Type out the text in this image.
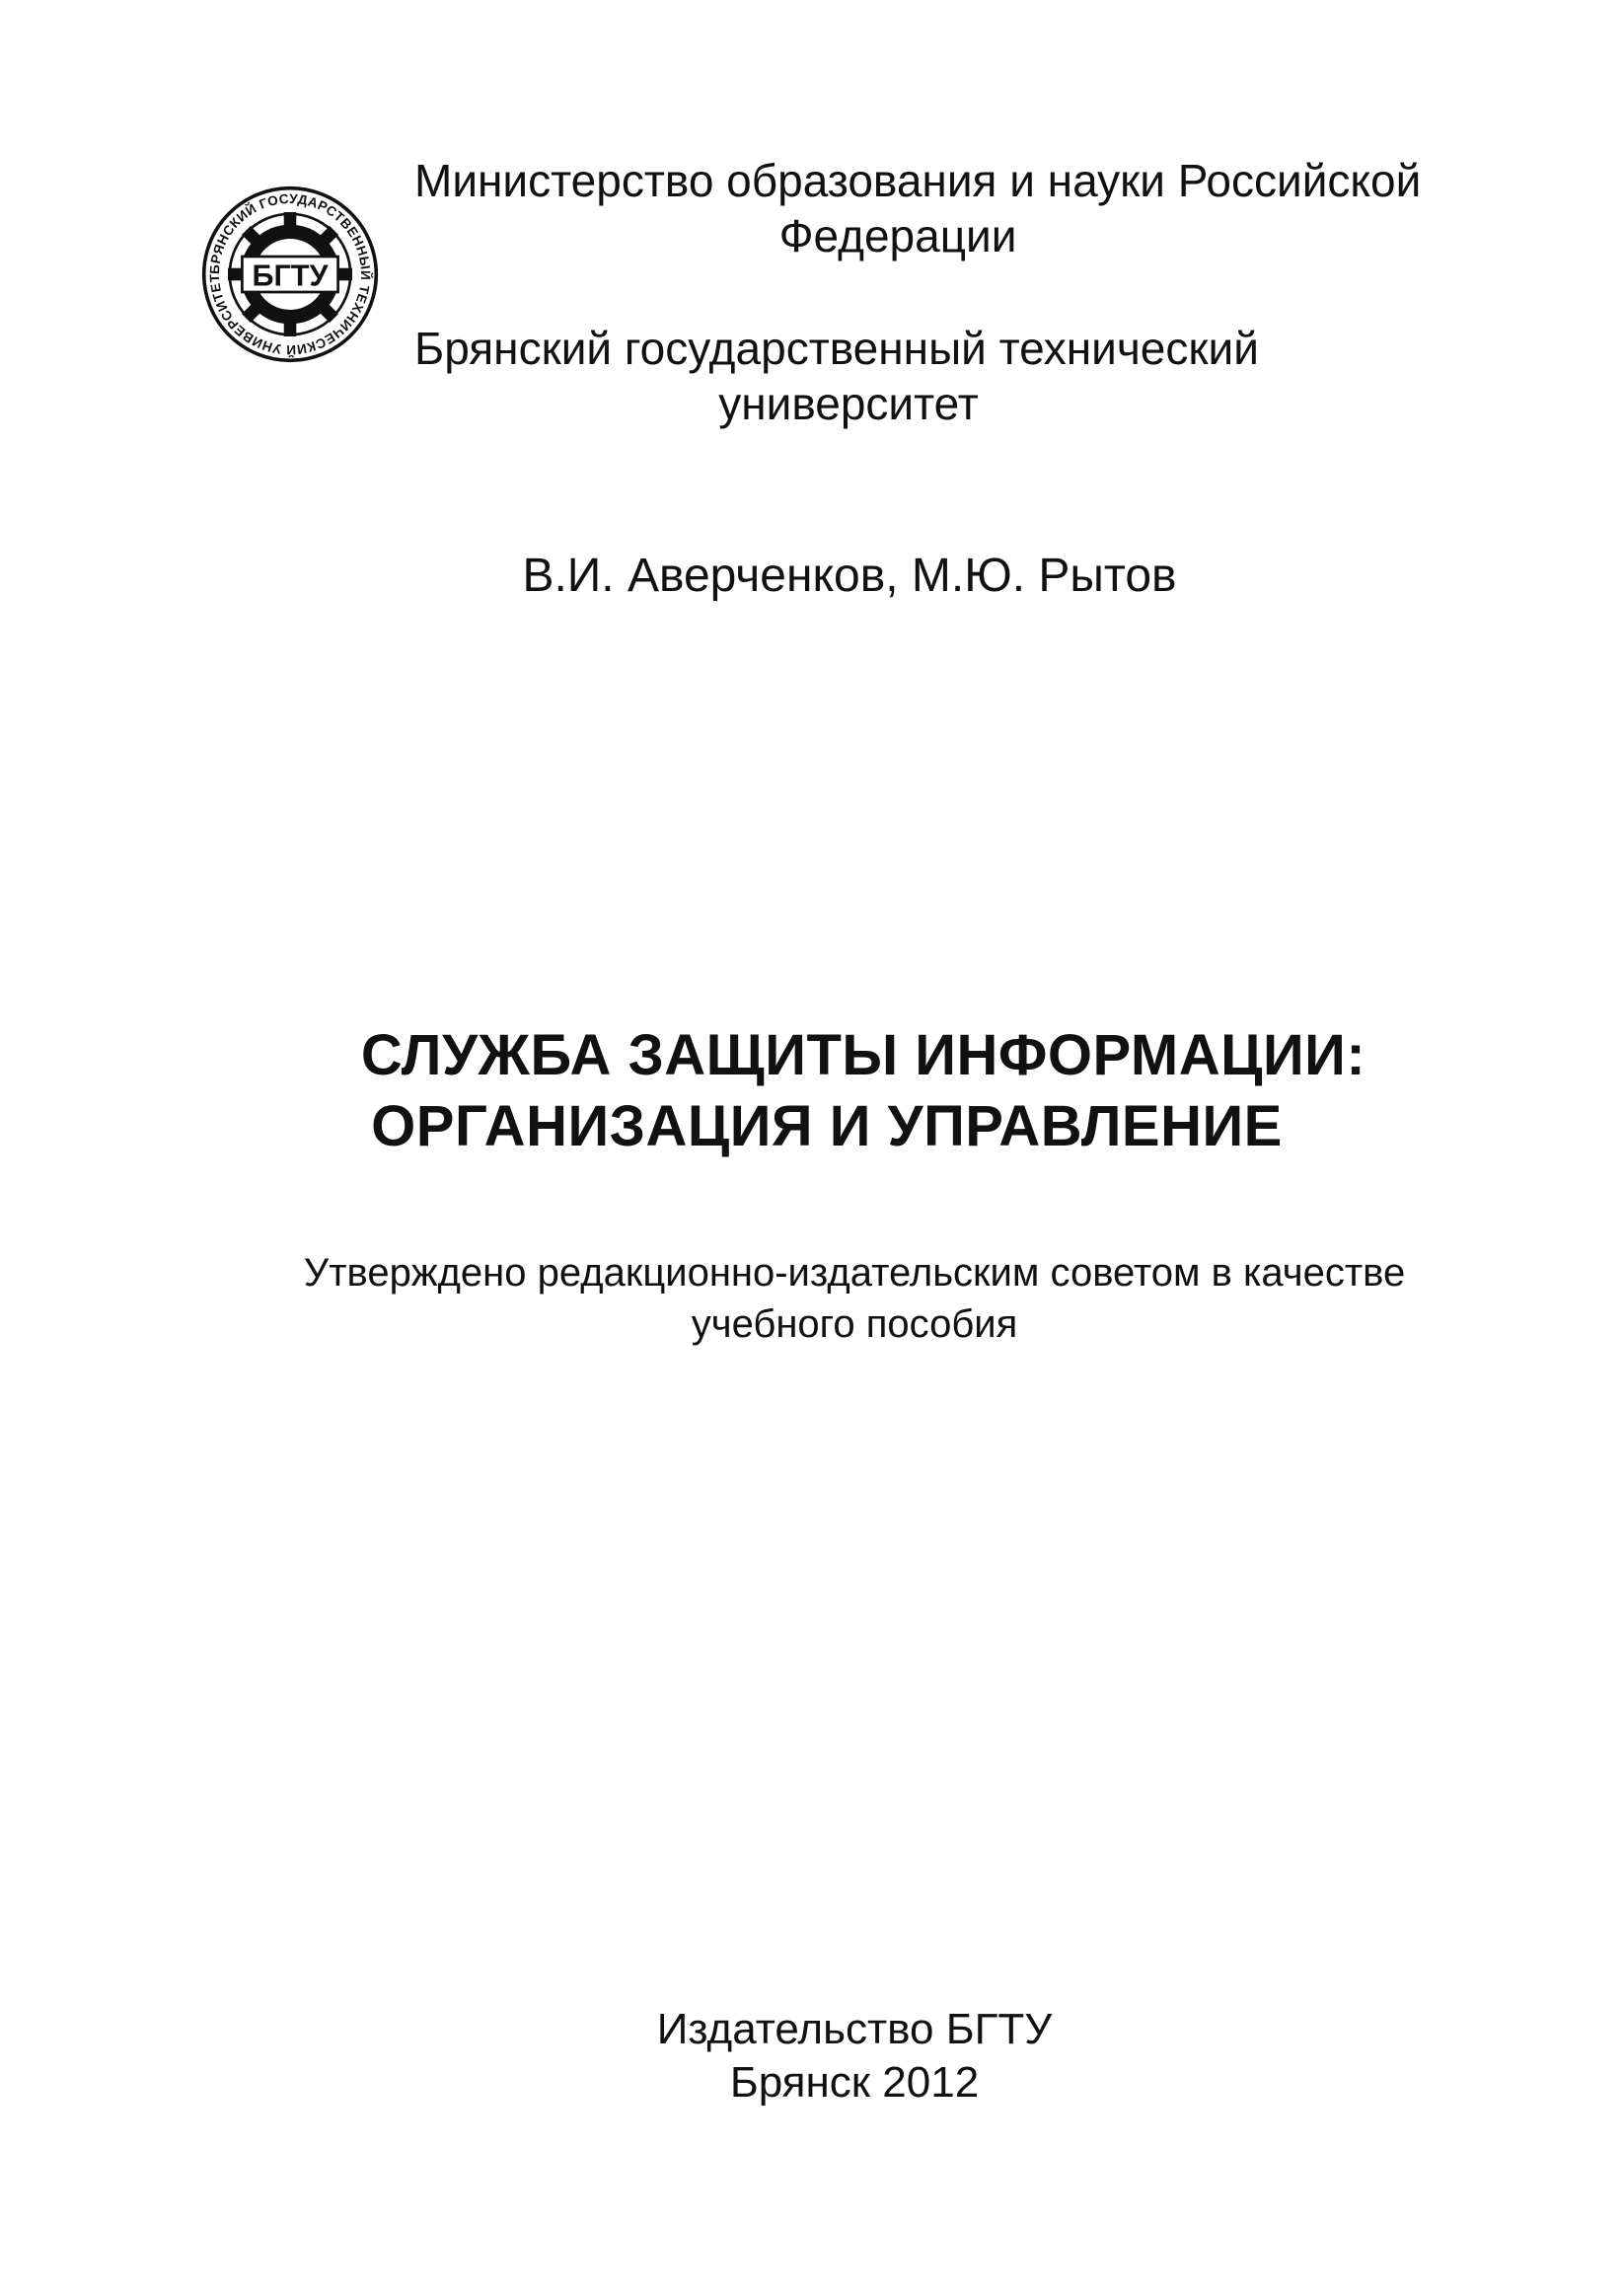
БРЯНСКИЙ ГОСУДАРСТВЕННЫЙ ТЕХНИЧЕСКИЙ УНИВЕРСИТЕТ БГТУ
Министерство образования и науки Российской
Федерации
Брянский государственный технический
университет
В.И. Аверченков, М.Ю. Рытов
СЛУЖБА ЗАЩИТЫ ИНФОРМАЦИИ:
ОРГАНИЗАЦИЯ И УПРАВЛЕНИЕ
Утверждено редакционно-издательским советом в качестве
учебного пособия
Издательство БГТУ
Брянск 2012
